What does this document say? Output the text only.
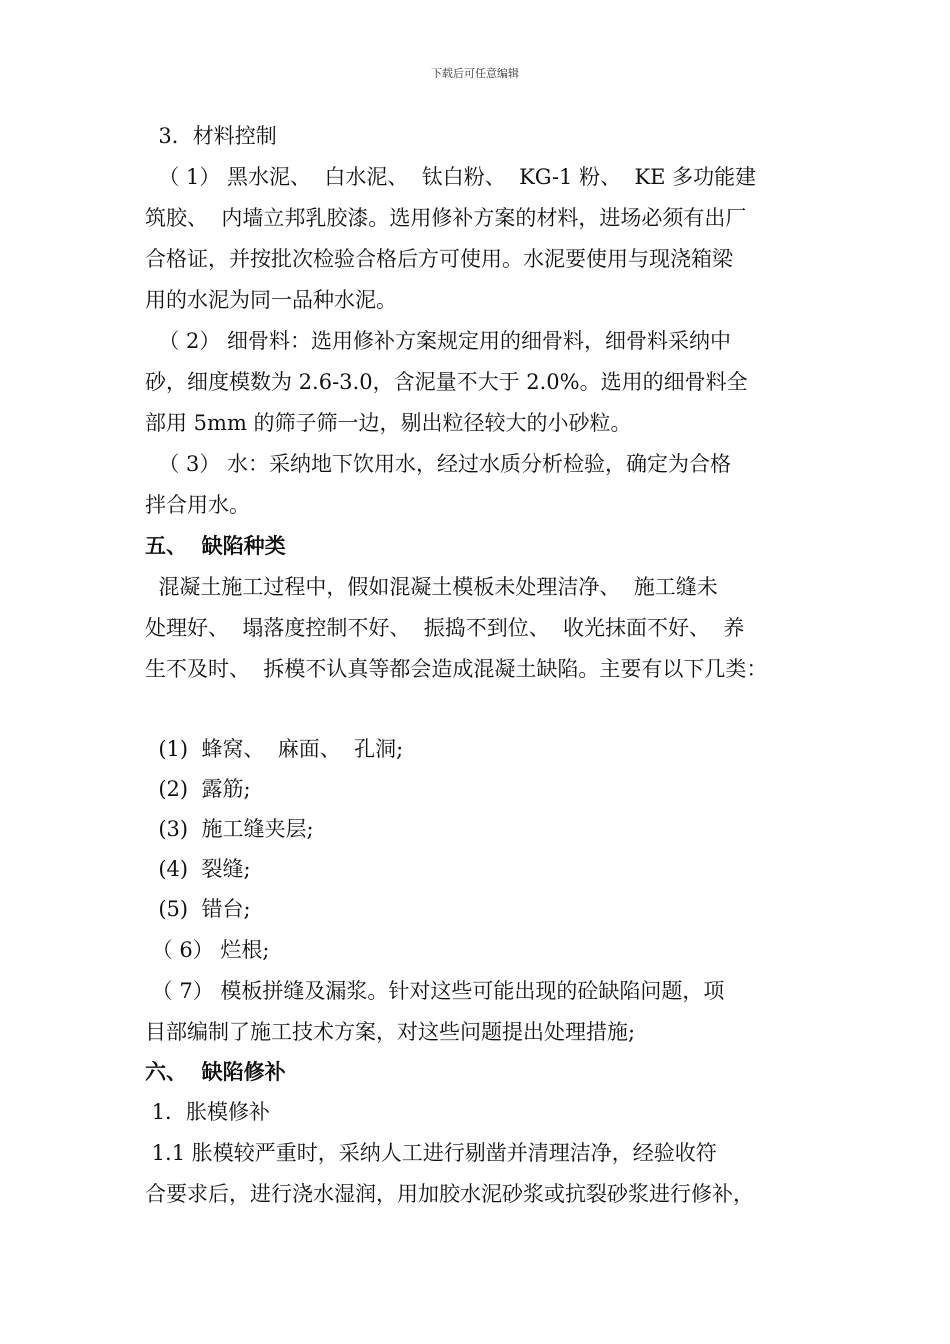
下载后可任意编辑
3．材料控制
（ 1） 黑水泥、  白水泥、  钛白粉、  KG-1 粉、  KE 多功能建
筑胶、  内墙立邦乳胶漆。选用修补方案的材料，进场必须有出厂
合格证，并按批次检验合格后方可使用。水泥要使用与现浇箱梁
用的水泥为同一品种水泥。
（ 2） 细骨料：选用修补方案规定用的细骨料，细骨料采纳中
砂，细度模数为 2.6-3.0，含泥量不大于 2.0%。选用的细骨料全
部用 5mm 的筛子筛一边，剔出粒径较大的小砂粒。
（ 3） 水：采纳地下饮用水，经过水质分析检验，确定为合格
拌合用水。
五、  缺陷种类
混凝土施工过程中，假如混凝土模板未处理洁净、  施工缝未
处理好、  塌落度控制不好、  振捣不到位、  收光抹面不好、  养
生不及时、  拆模不认真等都会造成混凝土缺陷。主要有以下几类：
(1)  蜂窝、  麻面、  孔洞;
(2)  露筋;
(3)  施工缝夹层;
(4)  裂缝;
(5)  错台;
（ 6） 烂根;
（ 7） 模板拼缝及漏浆。针对这些可能出现的砼缺陷问题，项
目部编制了施工技术方案，对这些问题提出处理措施;
六、  缺陷修补
1．胀模修补
1.1 胀模较严重时，采纳人工进行剔凿并清理洁净，经验收符
合要求后，进行浇水湿润，用加胶水泥砂浆或抗裂砂浆进行修补，
